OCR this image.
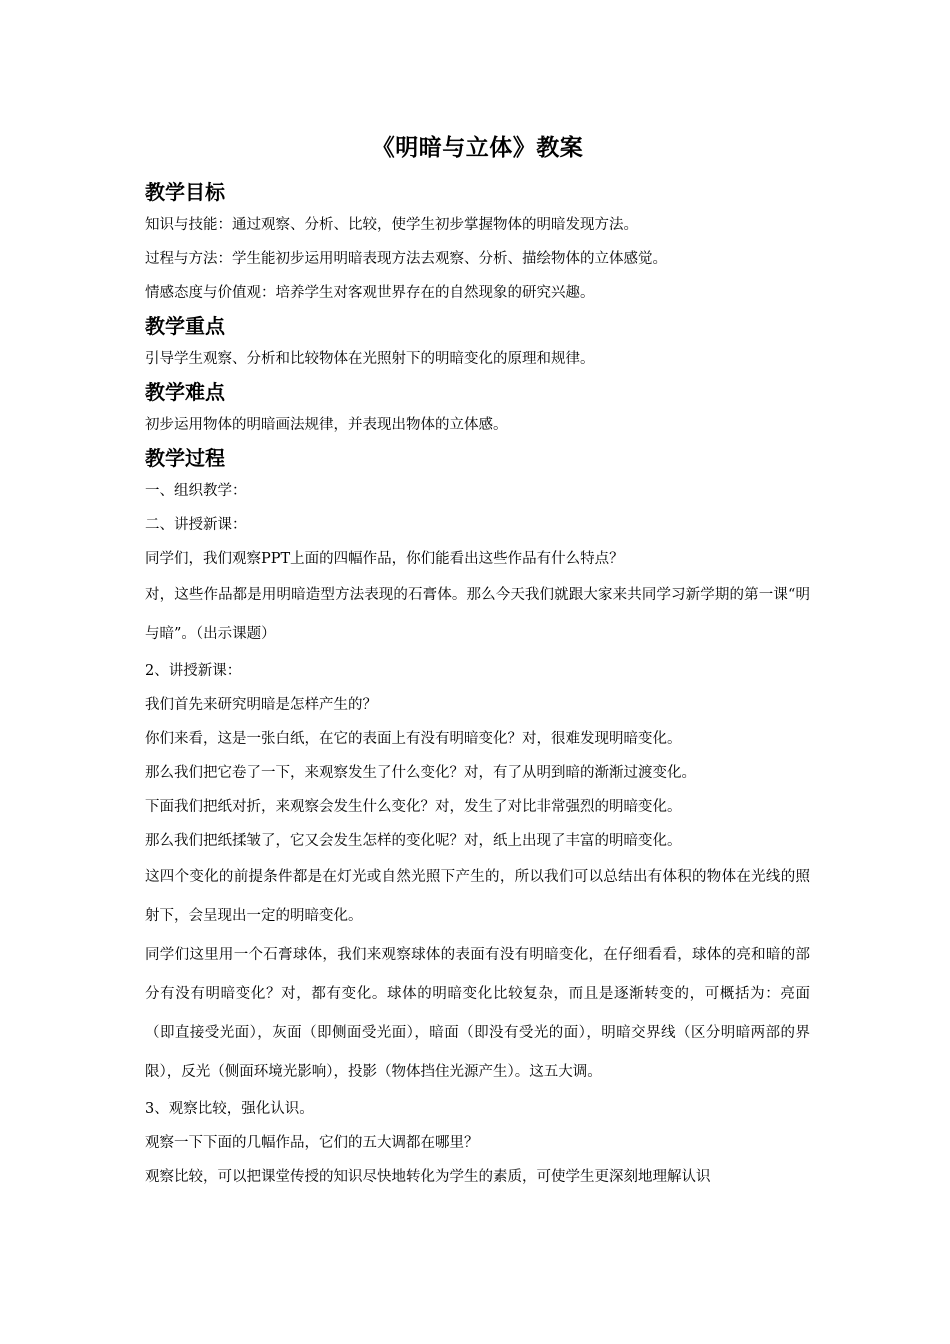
《明暗与立体》教案
教学目标

知识与技能：通过观察、分析、比较，使学生初步掌握物体的明暗发现方法。

过程与方法：学生能初步运用明暗表现方法去观察、分析、描绘物体的立体感觉。

情感态度与价值观：培养学生对客观世界存在的自然现象的研究兴趣。

教学重点

引导学生观察、分析和比较物体在光照射下的明暗变化的原理和规律。

教学难点

初步运用物体的明暗画法规律，并表现出物体的立体感。

教学过程

一、组织教学：

二、讲授新课：

同学们，我们观察PPT上面的四幅作品，你们能看出这些作品有什么特点？

对，这些作品都是用明暗造型方法表现的石膏体。那么今天我们就跟大家来共同学习新学期的第一课“明与暗”。（出示课题）

2、讲授新课：

我们首先来研究明暗是怎样产生的？

你们来看，这是一张白纸，在它的表面上有没有明暗变化？对，很难发现明暗变化。

那么我们把它卷了一下，来观察发生了什么变化？对，有了从明到暗的渐渐过渡变化。

下面我们把纸对折，来观察会发生什么变化？对，发生了对比非常强烈的明暗变化。

那么我们把纸揉皱了，它又会发生怎样的变化呢？对，纸上出现了丰富的明暗变化。

这四个变化的前提条件都是在灯光或自然光照下产生的，所以我们可以总结出有体积的物体在光线的照射下，会呈现出一定的明暗变化。

同学们这里用一个石膏球体，我们来观察球体的表面有没有明暗变化，在仔细看看，球体的亮和暗的部分有没有明暗变化？对，都有变化。球体的明暗变化比较复杂，而且是逐渐转变的，可概括为：亮面（即直接受光面），灰面（即侧面受光面），暗面（即没有受光的面），明暗交界线（区分明暗两部的界限），反光（侧面环境光影响），投影（物体挡住光源产生）。这五大调。

3、观察比较，强化认识。

观察一下下面的几幅作品，它们的五大调都在哪里？

观察比较，可以把课堂传授的知识尽快地转化为学生的素质，可使学生更深刻地理解认识
